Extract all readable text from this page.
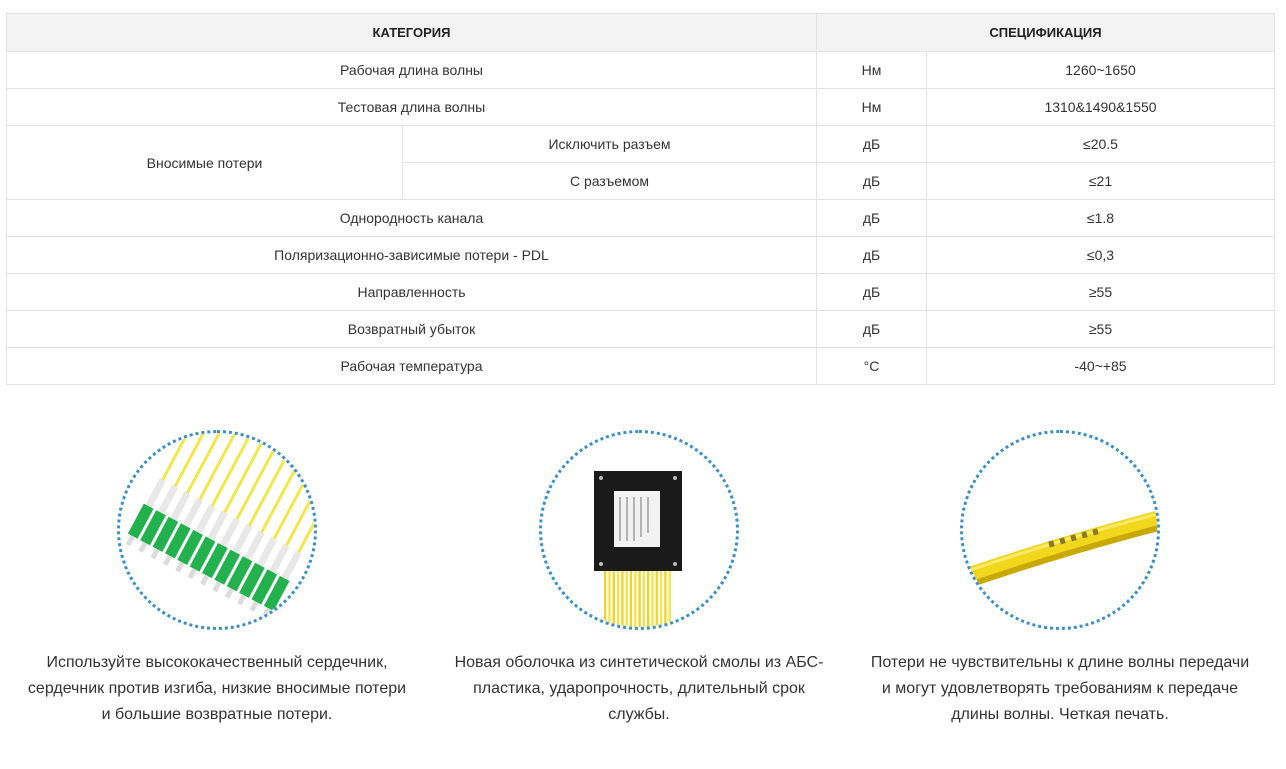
КАТЕГОРИЯ		СПЕЦИФИКАЦИЯ	
Рабочая длина волны		Нм	1260~1650
Тестовая длина волны		Нм	1310&1490&1550
Вносимые потери	Исключить разъем	дБ	≤20.5
	С разъемом	дБ	≤21
Однородность канала		дБ	≤1.8
Поляризационно-зависимые потери - PDL		дБ	≤0,3
Направленность		дБ	≥55
Возвратный убыток		дБ	≥55
Рабочая температура		°C	-40~+85
Используйте высококачественный сердечник,
сердечник против изгиба, низкие вносимые потери
и большие возвратные потери.
Новая оболочка из синтетической смолы из АБС-
пластика, ударопрочность, длительный срок
службы.
Потери не чувствительны к длине волны передачи
и могут удовлетворять требованиям к передаче
длины волны. Четкая печать.
